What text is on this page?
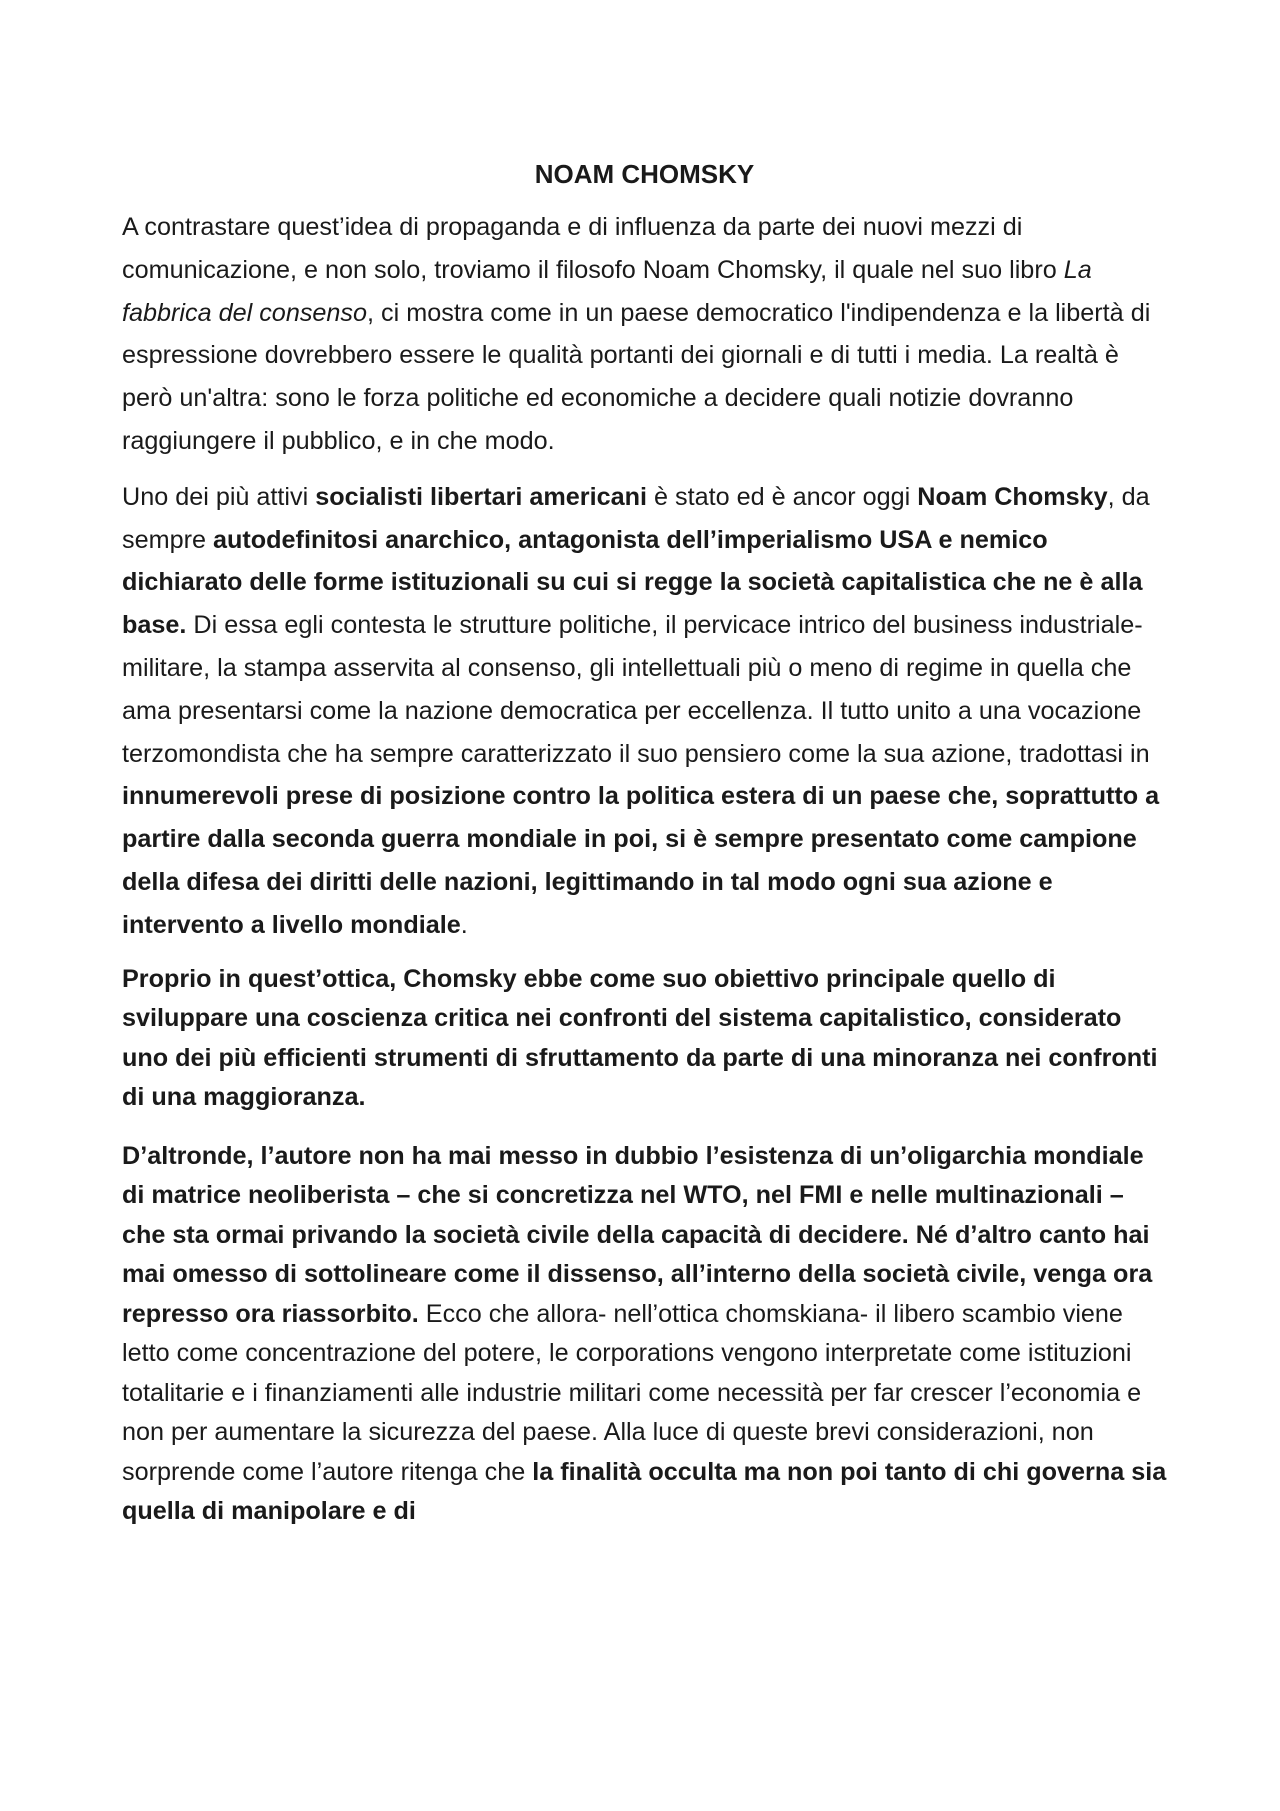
NOAM CHOMSKY

A contrastare quest’idea di propaganda e di influenza da parte dei nuovi mezzi di comunicazione, e non solo, troviamo il filosofo Noam Chomsky, il quale nel suo libro La fabbrica del consenso, ci mostra come in un paese democratico l'indipendenza e la libertà di espressione dovrebbero essere le qualità portanti dei giornali e di tutti i media. La realtà è però un'altra: sono le forza politiche ed economiche a decidere quali notizie dovranno raggiungere il pubblico, e in che modo.

Uno dei più attivi socialisti libertari americani è stato ed è ancor oggi Noam Chomsky, da sempre autodefinitosi anarchico, antagonista dell’imperialismo USA e nemico dichiarato delle forme istituzionali su cui si regge la società capitalistica che ne è alla base. Di essa egli contesta le strutture politiche, il pervicace intrico del business industriale-militare, la stampa asservita al consenso, gli intellettuali più o meno di regime in quella che ama presentarsi come la nazione democratica per eccellenza. Il tutto unito a una vocazione terzomondista che ha sempre caratterizzato il suo pensiero come la sua azione, tradottasi in innumerevoli prese di posizione contro la politica estera di un paese che, soprattutto a partire dalla seconda guerra mondiale in poi, si è sempre presentato come campione della difesa dei diritti delle nazioni, legittimando in tal modo ogni sua azione e intervento a livello mondiale.

Proprio in quest’ottica, Chomsky ebbe come suo obiettivo principale quello di sviluppare una coscienza critica nei confronti del sistema capitalistico, considerato uno dei più efficienti strumenti di sfruttamento da parte di una minoranza nei confronti di una maggioranza.

D’altronde, l’autore non ha mai messo in dubbio l’esistenza di un’oligarchia mondiale di matrice neoliberista – che si concretizza nel WTO, nel FMI e nelle multinazionali – che sta ormai privando la società civile della capacità di decidere. Né d’altro canto hai mai omesso di sottolineare come il dissenso, all’interno della società civile, venga ora represso ora riassorbito. Ecco che allora- nell’ottica chomskiana- il libero scambio viene letto come concentrazione del potere, le corporations vengono interpretate come istituzioni totalitarie e i finanziamenti alle industrie militari come necessità per far crescer l’economia e non per aumentare la sicurezza del paese. Alla luce di queste brevi considerazioni, non sorprende come l’autore ritenga che la finalità occulta ma non poi tanto di chi governa sia quella di manipolare e di
